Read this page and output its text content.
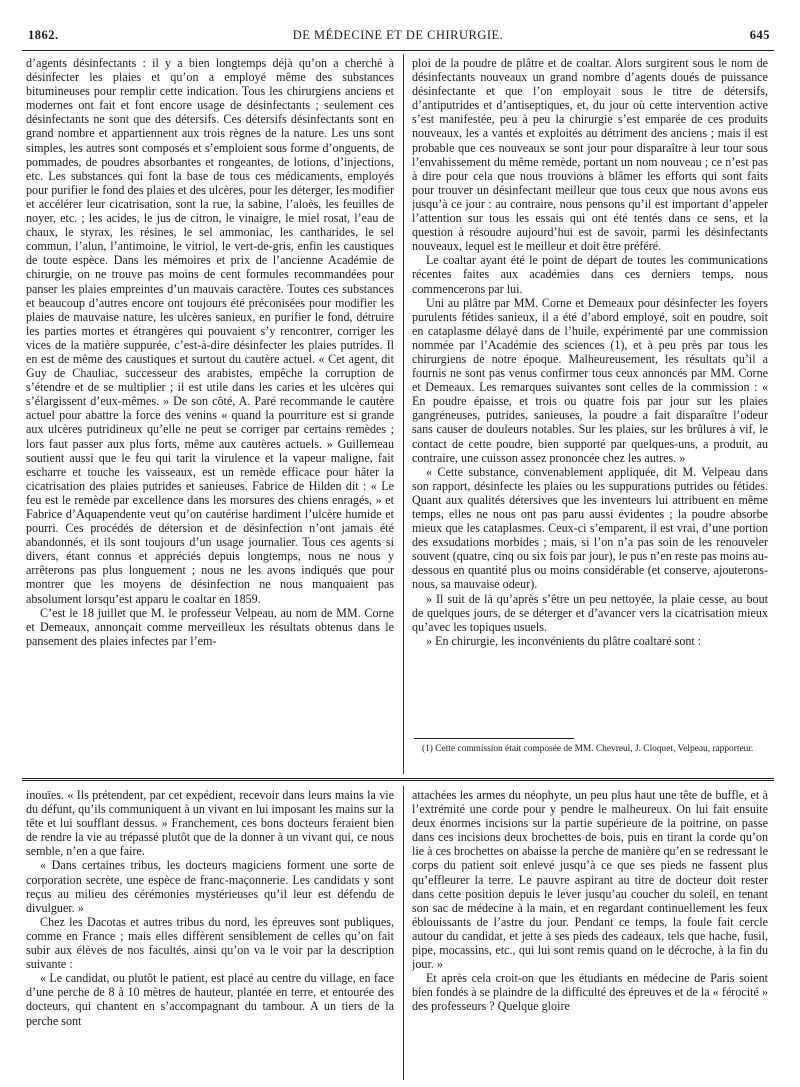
1862.	DE MÉDECINE ET DE CHIRURGIE.	645

d’agents désinfectants : il y a bien longtemps déjà qu’on a cherché à désinfecter les plaies et qu’on a employé même des substances bitumineuses pour remplir cette indication. Tous les chirurgiens anciens et modernes ont fait et font encore usage de désinfectants ; seulement ces désinfectants ne sont que des détersifs. Ces détersifs désinfectants sont en grand nombre et appartiennent aux trois règnes de la nature. Les uns sont simples, les autres sont composés et s’emploient sous forme d’onguents, de pommades, de poudres absorbantes et rongeantes, de lotions, d’injections, etc. Les substances qui font la base de tous ces médicaments, employés pour purifier le fond des plaies et des ulcères, pour les déterger, les modifier et accélérer leur cicatrisation, sont la rue, la sabine, l’aloès, les feuilles de noyer, etc. ; les acides, le jus de citron, le vinaigre, le miel rosat, l’eau de chaux, le styrax, les résines, le sel ammoniac, les cantharides, le sel commun, l’alun, l’antimoine, le vitriol, le vert-de-gris, enfin les caustiques de toute espèce. Dans les mémoires et prix de l’ancienne Académie de chirurgie, on ne trouve pas moins de cent formules recommandées pour panser les plaies empreintes d’un mauvais caractère. Toutes ces substances et beaucoup d’autres encore ont toujours été préconisées pour modifier les plaies de mauvaise nature, les ulcères sanieux, en purifier le fond, détruire les parties mortes et étrangères qui pouvaient s’y rencontrer, corriger les vices de la matière suppurée, c’est-à-dire désinfecter les plaies putrides. Il en est de même des caustiques et surtout du cautère actuel. « Cet agent, dit Guy de Chauliac, successeur des arabistes, empêche la corruption de s’étendre et de se multiplier ; il est utile dans les caries et les ulcères qui s’élargissent d’eux-mêmes. » De son côté, A. Paré recommande le cautère actuel pour abattre la force des venins « quand la pourriture est si grande aux ulcères putridineux qu’elle ne peut se corriger par certains remèdes ; lors faut passer aux plus forts, même aux cautères actuels. » Guillemeau soutient aussi que le feu qui tarit la virulence et la vapeur maligne, fait escharre et touche les vaisseaux, est un remède efficace pour hâter la cicatrisation des plaies putrides et sanieuses. Fabrice de Hilden dit : « Le feu est le remède par excellence dans les morsures des chiens enragés, » et Fabrice d’Aquapendente veut qu’on cautérise hardiment l’ulcère humide et pourri. Ces procédés de détersion et de désinfection n’ont jamais été abandonnés, et ils sont toujours d’un usage journalier. Tous ces agents si divers, étant connus et appréciés depuis longtemps, nous ne nous y arrêterons pas plus longuement ; nous ne les avons indiqués que pour montrer que les moyens de désinfection ne nous manquaient pas absolument lorsqu’est apparu le coaltar en 1859.

C’est le 18 juillet que M. le professeur Velpeau, au nom de MM. Corne et Demeaux, annonçait comme merveilleux les résultats obtenus dans le pansement des plaies infectes par l’em-

ploi de la poudre de plâtre et de coaltar. Alors surgirent sous le nom de désinfectants nouveaux un grand nombre d’agents doués de puissance désinfectante et que l’on employait sous le titre de détersifs, d’antiputrides et d’antiseptiques, et, du jour où cette intervention active s’est manifestée, peu à peu la chirurgie s’est emparée de ces produits nouveaux, les a vantés et exploités au détriment des anciens ; mais il est probable que ces nouveaux se sont jour pour disparaître à leur tour sous l’envahissement du même remède, portant un nom nouveau ; ce n’est pas à dire pour cela que nous trouvions à blâmer les efforts qui sont faits pour trouver un désinfectant meilleur que tous ceux que nous avons eus jusqu’à ce jour : au contraire, nous pensons qu’il est important d’appeler l’attention sur tous les essais qui ont été tentés dans ce sens, et la question à résoudre aujourd’hui est de savoir, parmi les désinfectants nouveaux, lequel est le meilleur et doit être préféré.

Le coaltar ayant été le point de départ de toutes les communications récentes faites aux académies dans ces derniers temps, nous commencerons par lui.

Uni au plâtre par MM. Corne et Demeaux pour désinfecter les foyers purulents fétides sanieux, il a été d’abord employé, soit en poudre, soit en cataplasme délayé dans de l’huile, expérimenté par une commission nommée par l’Académie des sciences (1), et à peu près par tous les chirurgiens de notre époque. Malheureusement, les résultats qu’il a fournis ne sont pas venus confirmer tous ceux annoncés par MM. Corne et Demeaux. Les remarques suivantes sont celles de la commission : « En poudre épaisse, et trois ou quatre fois par jour sur les plaies gangréneuses, putrides, sanieuses, la poudre a fait disparaître l’odeur sans causer de douleurs notables. Sur les plaies, sur les brûlures à vif, le contact de cette poudre, bien supporté par quelques-uns, a produit, au contraire, une cuisson assez prononcée chez les autres. »

« Cette substance, convenablement appliquée, dit M. Velpeau dans son rapport, désinfecte les plaies ou les suppurations putrides ou fétides. Quant aux qualités détersives que les inventeurs lui attribuent en même temps, elles ne nous ont pas paru aussi évidentes ; la poudre absorbe mieux que les cataplasmes. Ceux-ci s’emparent, il est vrai, d’une portion des exsudations morbides ; mais, si l’on n’a pas soin de les renouveler souvent (quatre, cinq ou six fois par jour), le pus n’en reste pas moins au-dessous en quantité plus ou moins considérable (et conserve, ajouterons-nous, sa mauvaise odeur).

» Il suit de là qu’après s’être un peu nettoyée, la plaie cesse, au bout de quelques jours, de se déterger et d’avancer vers la cicatrisation mieux qu’avec les topiques usuels.

» En chirurgie, les inconvénients du plâtre coaltaré sont :

(1) Cette commission était composée de MM. Chevreul, J. Cloquet, Velpeau, rapporteur.

inouïes. « Ils prétendent, par cet expédient, recevoir dans leurs mains la vie du défunt, qu’ils communiquent à un vivant en lui imposant les mains sur la tête et lui soufflant dessus. » Franchement, ces bons docteurs feraient bien de rendre la vie au trépassé plutôt que de la donner à un vivant qui, ce nous semble, n’en a que faire.

« Dans certaines tribus, les docteurs magiciens forment une sorte de corporation secrète, une espèce de franc-maçonnerie. Les candidats y sont reçus au milieu des cérémonies mystérieuses qu’il leur est défendu de divulguer. »

Chez les Dacotas et autres tribus du nord, les épreuves sont publiques, comme en France ; mais elles diffèrent sensiblement de celles qu’on fait subir aux élèves de nos facultés, ainsi qu’on va le voir par la description suivante :

« Le candidat, ou plutôt le patient, est placé au centre du village, en face d’une perche de 8 à 10 mètres de hauteur, plantée en terre, et entourée des docteurs, qui chantent en s’accompagnant du tambour. A un tiers de la perche sont

attachées les armes du néophyte, un peu plus haut une tête de buffle, et à l’extrémité une corde pour y pendre le malheureux. On lui fait ensuite deux énormes incisions sur la partie supérieure de la poitrine, on passe dans ces incisions deux brochettes de bois, puis en tirant la corde qu’on lie à ces brochettes on abaisse la perche de manière qu’en se redressant le corps du patient soit enlevé jusqu’à ce que ses pieds ne fassent plus qu’effleurer la terre. Le pauvre aspirant au titre de docteur doit rester dans cette position depuis le lever jusqu’au coucher du soleil, en tenant son sac de médecine à la main, et en regardant continuellement les feux éblouissants de l’astre du jour. Pendant ce temps, la foule fait cercle autour du candidat, et jette à ses pieds des cadeaux, tels que hache, fusil, pipe, mocassins, etc., qui lui sont remis quand on le décroche, à la fin du jour. »

Et après cela croit-on que les étudiants en médecine de Paris soient bien fondés à se plaindre de la difficulté des épreuves et de la « férocité » des professeurs ? Quelque gloire
